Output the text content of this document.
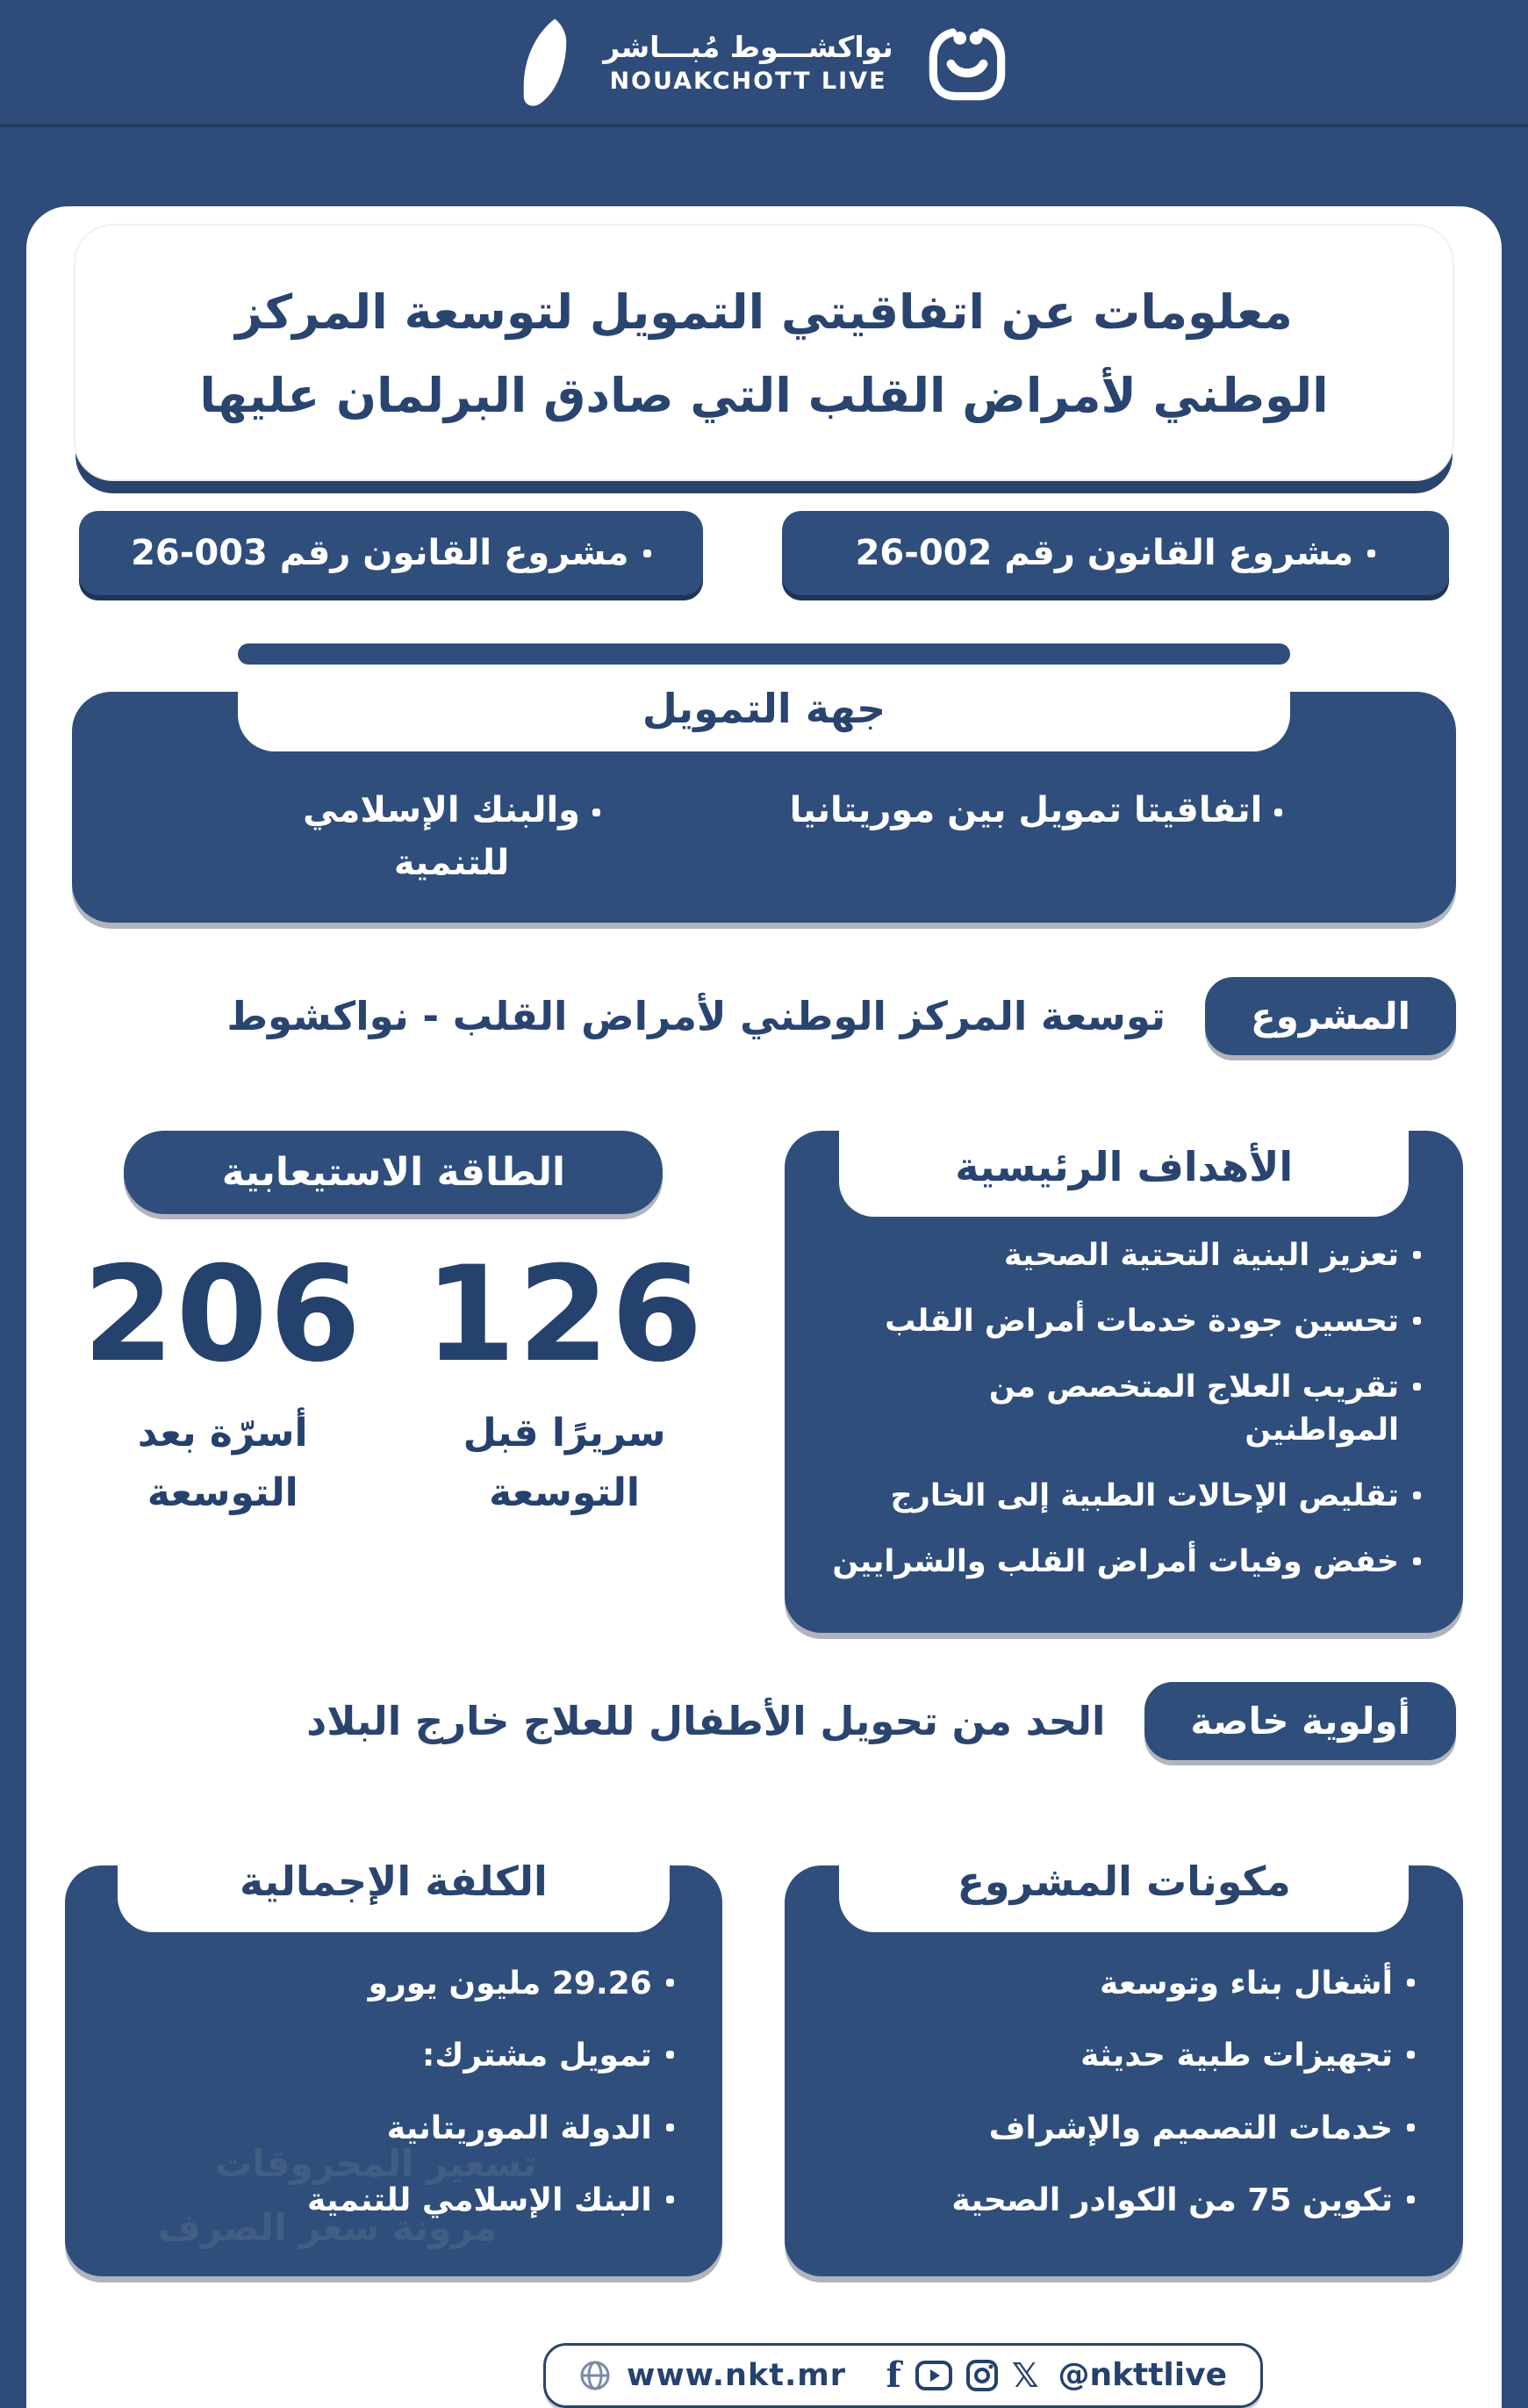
نواكشـــوط مُبـــاشر
NOUAKCHOTT LIVE
معلومات عن اتفاقيتي التمويل لتوسعة المركز
الوطني لأمراض القلب التي صادق البرلمان عليها
مشروع القانون رقم 002-26
مشروع القانون رقم 003-26
جهة التمويل
اتفاقيتا تمويل بين موريتانيا
والبنك الإسلامي للتنمية
المشروع
توسعة المركز الوطني لأمراض القلب - نواكشوط
الأهداف الرئيسية
تعزيز البنية التحتية الصحية
تحسين جودة خدمات أمراض القلب
تقريب العلاج المتخصص من المواطنين
تقليص الإحالات الطبية إلى الخارج
خفض وفيات أمراض القلب والشرايين
الطاقة الاستيعابية
126
سريرًا قبل التوسعة
206
أسرّة بعد التوسعة
أولوية خاصة
الحد من تحويل الأطفال للعلاج خارج البلاد
مكونات المشروع
أشغال بناء وتوسعة
تجهيزات طبية حديثة
خدمات التصميم والإشراف
تكوين 75 من الكوادر الصحية
الكلفة الإجمالية
29.26 مليون يورو
تمويل مشترك:
الدولة الموريتانية
البنك الإسلامي للتنمية
www.nkt.mr f	𝕏 @nkttlive
تسعير المحروقات
مرونة سعر الصرف
